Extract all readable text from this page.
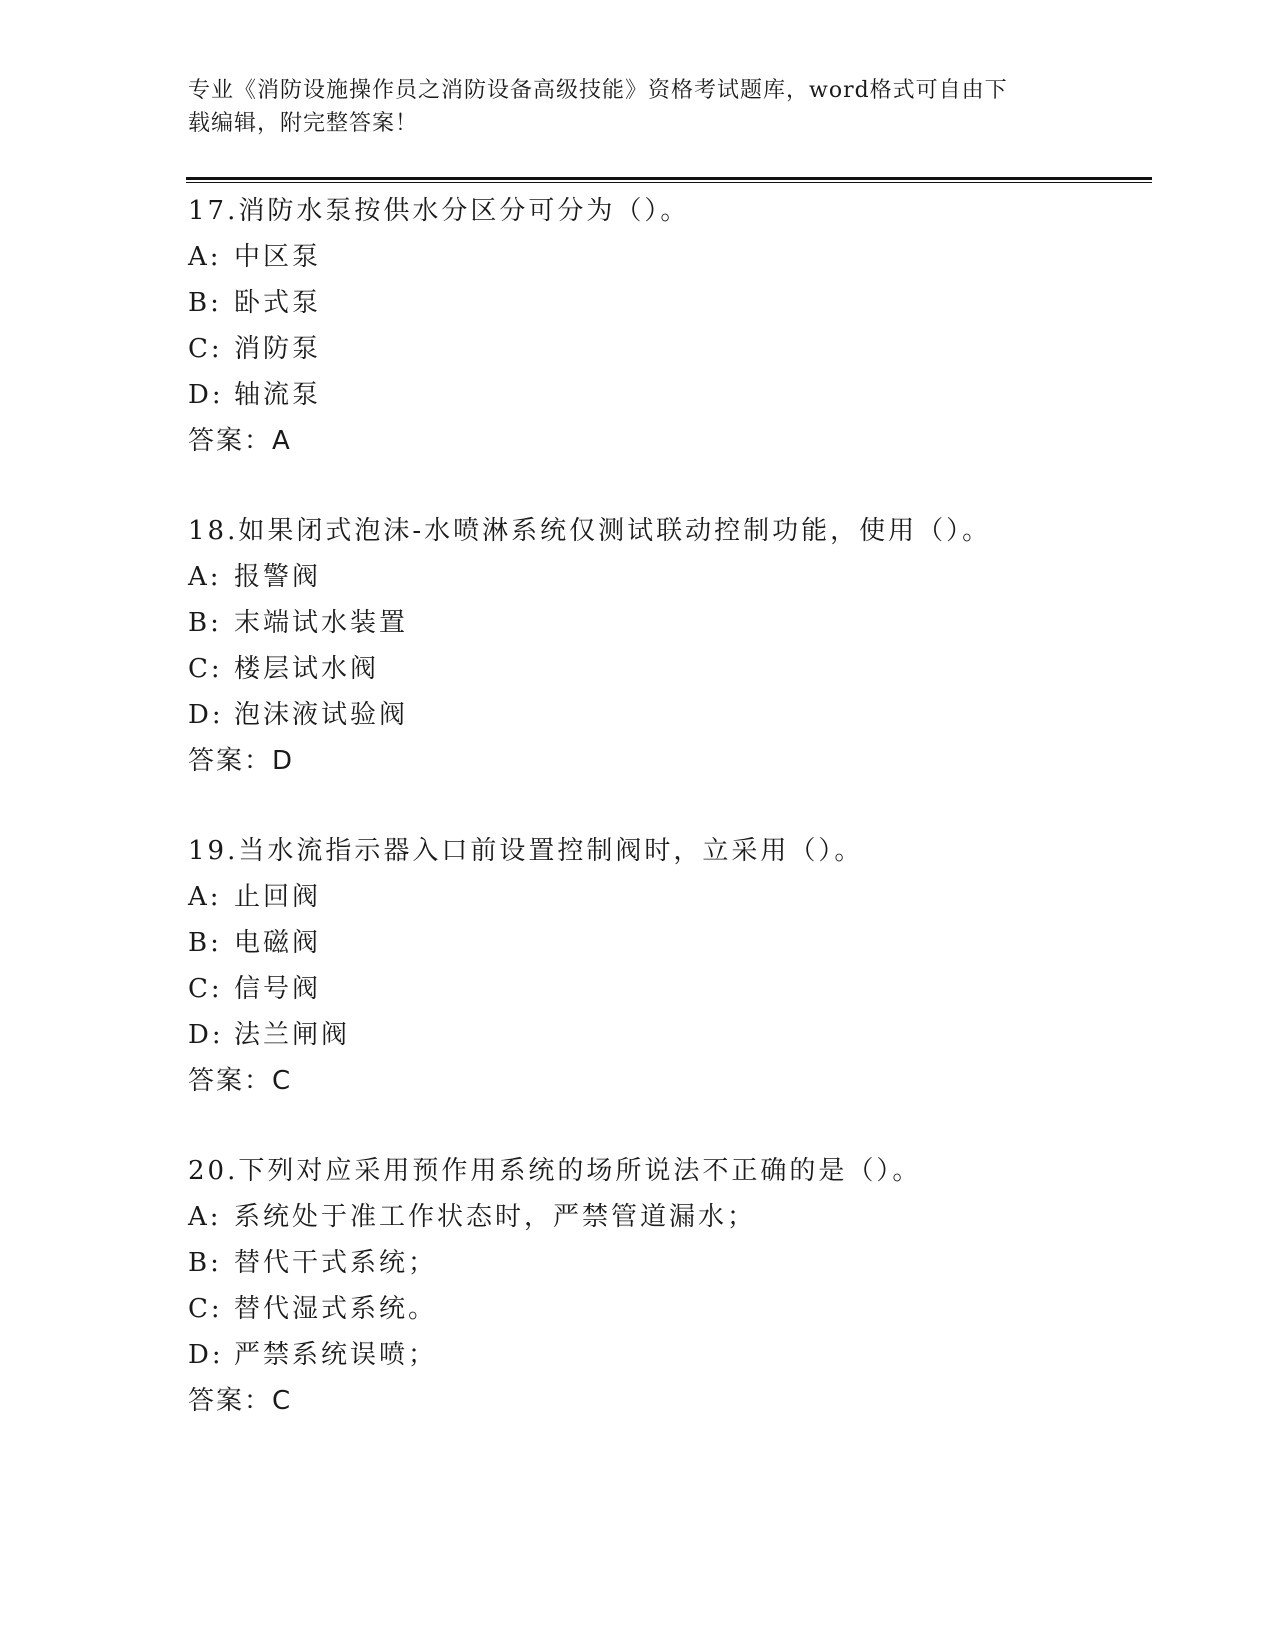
专业《消防设施操作员之消防设备高级技能》资格考试题库，word格式可自由下
载编辑，附完整答案！
17.消防水泵按供水分区分可分为（）。
A: 中区泵
B: 卧式泵
C: 消防泵
D: 轴流泵
答案：A
18.如果闭式泡沫-水喷淋系统仅测试联动控制功能，使用（）。
A: 报警阀
B: 末端试水装置
C: 楼层试水阀
D: 泡沫液试验阀
答案：D
19.当水流指示器入口前设置控制阀时，立采用（）。
A: 止回阀
B: 电磁阀
C: 信号阀
D: 法兰闸阀
答案：C
20.下列对应采用预作用系统的场所说法不正确的是（）。
A: 系统处于准工作状态时，严禁管道漏水；
B: 替代干式系统；
C: 替代湿式系统。
D: 严禁系统误喷；
答案：C
